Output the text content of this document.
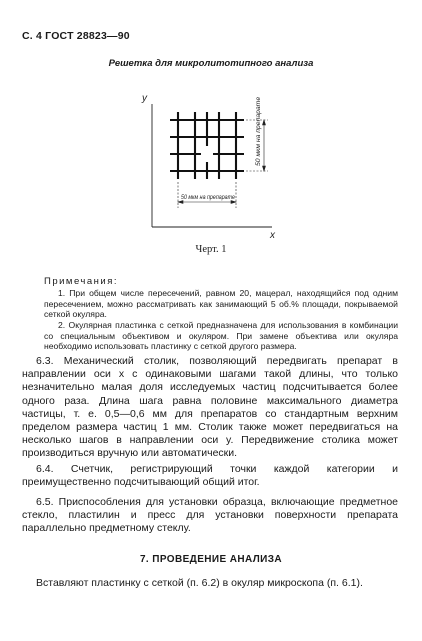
С. 4 ГОСТ 28823—90
Решетка для микролитотипного анализа
y
x
50 мкм на препарате
50 мкм на препарате
Черт. 1
Примечания:
1. При общем числе пересечений, равном 20, мацерал, находящийся под одним пересечением, можно рассматривать как занимающий 5 об.% площади, покрываемой сеткой окуляра.
2. Окулярная пластинка с сеткой предназначена для использования в комбинации со специальным объективом и окуляром. При замене объектива или окуляра необходимо использовать пластинку с сеткой другого размера.
6.3. Механический столик, позволяющий передвигать препарат в направлении оси x с одинаковыми шагами такой длины, что только незначительно малая доля исследуемых частиц подсчитывается более одного раза. Длина шага равна половине максимального диаметра частицы, т. е. 0,5—0,6 мм для препаратов со стандартным верхним пределом размера частиц 1 мм. Столик также может передвигаться на несколько шагов в направлении оси y. Передвижение столика может производиться вручную или автоматически.
6.4. Счетчик, регистрирующий точки каждой категории и преимущественно подсчитывающий общий итог.
6.5. Приспособления для установки образца, включающие предметное стекло, пластилин и пресс для установки поверхности препарата параллельно предметному стеклу.
7. ПРОВЕДЕНИЕ АНАЛИЗА
Вставляют пластинку с сеткой (п. 6.2) в окуляр микроскопа (п. 6.1).
